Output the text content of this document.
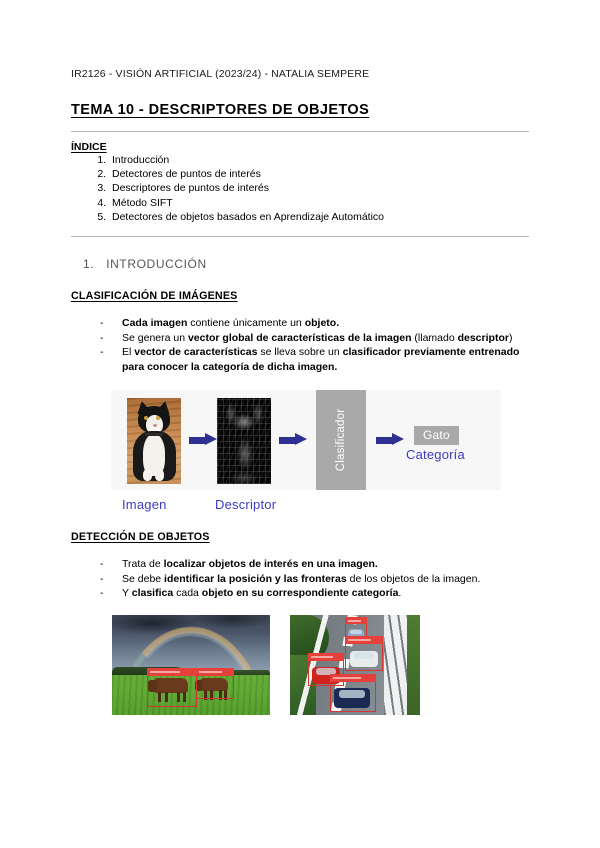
IR2126 - VISIÓN ARTIFICIAL (2023/24) - NATALIA SEMPERE
TEMA 10 - DESCRIPTORES DE OBJETOS
ÍNDICE
1. Introducción
2. Detectores de puntos de interés
3. Descriptores de puntos de interés
4. Método SIFT
5. Detectores de objetos basados en Aprendizaje Automático
1. INTRODUCCIÓN
CLASIFICACIÓN DE IMÁGENES
-	Cada imagen contiene únicamente un objeto.
-	Se genera un vector global de características de la imagen (llamado descriptor)
-	El vector de características se lleva sobre un clasificador previamente entrenado para conocer la categoría de dicha imagen.
DETECCIÓN DE OBJETOS
-	Trata de localizar objetos de interés en una imagen.
-	Se debe identificar la posición y las fronteras de los objetos de la imagen.
-	Y clasifica cada objeto en su correspondiente categoría.
Clasificador	Gato
Categoría
Imagen	Descriptor
